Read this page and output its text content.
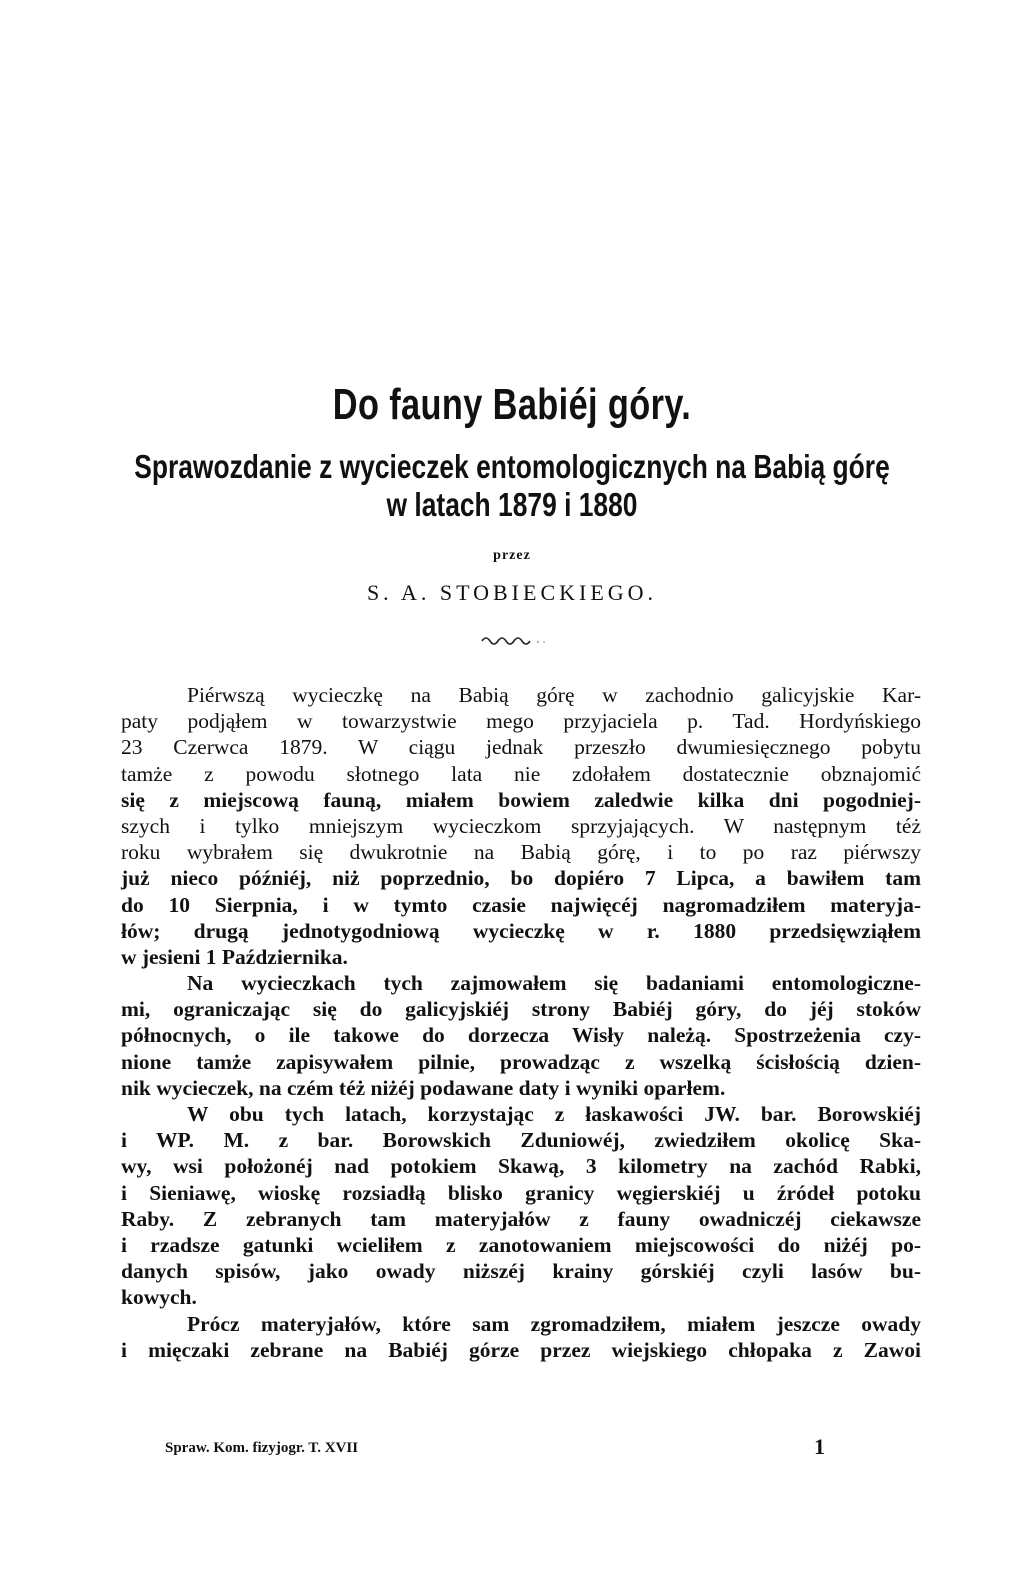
Do fauny Babiéj góry.
Sprawozdanie z wycieczek entomologicznych na Babią górę
w latach 1879 i 1880
przez
S. A. STOBIECKIEGO.
Piérwszą wycieczkę na Babią górę w zachodnio galicyjskie Kar-
paty podjąłem w towarzystwie mego przyjaciela p. Tad. Hordyńskiego
23 Czerwca 1879. W ciągu jednak przeszło dwumiesięcznego pobytu
tamże z powodu słotnego lata nie zdołałem dostatecznie obznajomić
się z miejscową fauną, miałem bowiem zaledwie kilka dni pogodniej-
szych i tylko mniejszym wycieczkom sprzyjających. W następnym téż
roku wybrałem się dwukrotnie na Babią górę, i to po raz piérwszy
już nieco późniéj, niż poprzednio, bo dopiéro 7 Lipca, a bawiłem tam
do 10 Sierpnia, i w tymto czasie najwięcéj nagromadziłem materyja-
łów; drugą jednotygodniową wycieczkę w r. 1880 przedsięwziąłem
w jesieni 1 Października.
Na wycieczkach tych zajmowałem się badaniami entomologiczne-
mi, ograniczając się do galicyjskiéj strony Babiéj góry, do jéj stoków
północnych, o ile takowe do dorzecza Wisły należą. Spostrzeżenia czy-
nione tamże zapisywałem pilnie, prowadząc z wszelką ścisłością dzien-
nik wycieczek, na czém téż niżéj podawane daty i wyniki oparłem.
W obu tych latach, korzystając z łaskawości JW. bar. Borowskiéj
i WP. M. z bar. Borowskich Zduniowéj, zwiedziłem okolicę Ska-
wy, wsi położonéj nad potokiem Skawą, 3 kilometry na zachód Rabki,
i Sieniawę, wioskę rozsiadłą blisko granicy węgierskiéj u źródeł potoku
Raby. Z zebranych tam materyjałów z fauny owadniczéj ciekawsze
i rzadsze gatunki wcieliłem z zanotowaniem miejscowości do niżéj po-
danych spisów, jako owady niższéj krainy górskiéj czyli lasów bu-
kowych.
Prócz materyjałów, które sam zgromadziłem, miałem jeszcze owady
i mięczaki zebrane na Babiéj górze przez wiejskiego chłopaka z Zawoi
Spraw. Kom. fizyjogr. T. XVII	1
